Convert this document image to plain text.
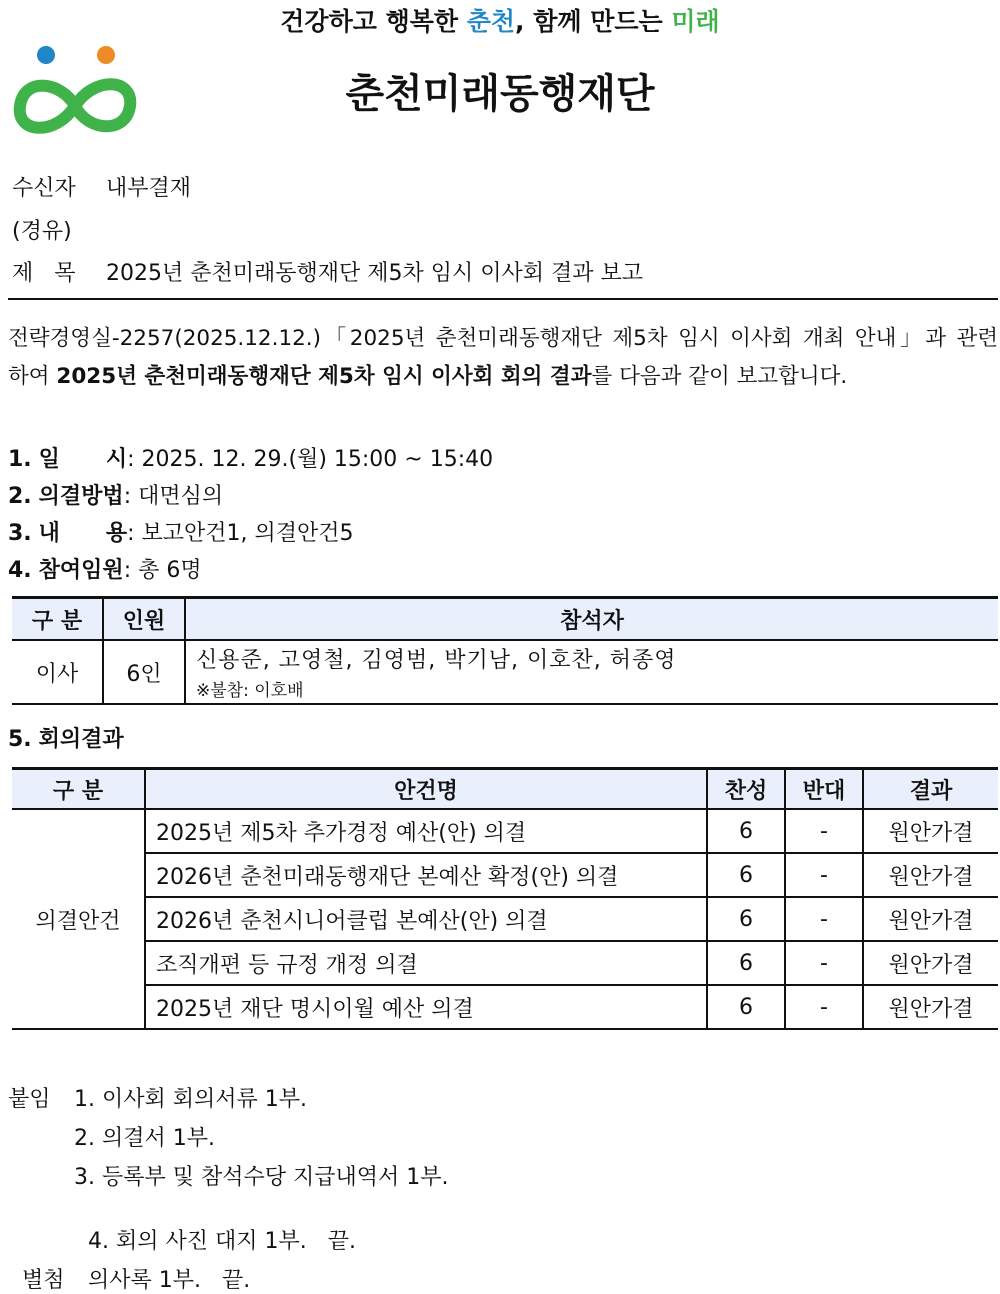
건강하고 행복한 춘천, 함께 만드는 미래
춘천미래동행재단
수신자 내부결재
(경유)
제   목 2025년 춘천미래동행재단 제5차 임시 이사회 결과 보고
전략경영실-2257(2025.12.12.)「2025년 춘천미래동행재단 제5차 임시 이사회 개최 안내」과 관련
하여 2025년 춘천미래동행재단 제5차 임시 이사회 회의 결과를 다음과 같이 보고합니다.
1. 일      시: 2025. 12. 29.(월) 15:00 ~ 15:40
2. 의결방법: 대면심의
3. 내      용: 보고안건1, 의결안건5
4. 참여임원: 총 6명
구 분	인원	참석자
이사	6인	신용준, 고영철, 김영범, 박기남, 이호찬, 허종영
※불참: 이호배
5. 회의결과
구 분	안건명	찬성	반대	결과
의결안건	2025년 제5차 추가경정 예산(안) 의결	6	-	원안가결
	2026년 춘천미래동행재단 본예산 확정(안) 의결	6	-	원안가결
	2026년 춘천시니어클럽 본예산(안) 의결	6	-	원안가결
	조직개편 등 규정 개정 의결	6	-	원안가결
	2025년 재단 명시이월 예산 의결	6	-	원안가결
붙임 1. 이사회 회의서류 1부.
2. 의결서 1부.
3. 등록부 및 참석수당 지급내역서 1부.

4. 회의 사진 대지 1부.   끝.

별첨 의사록 1부.   끝.
